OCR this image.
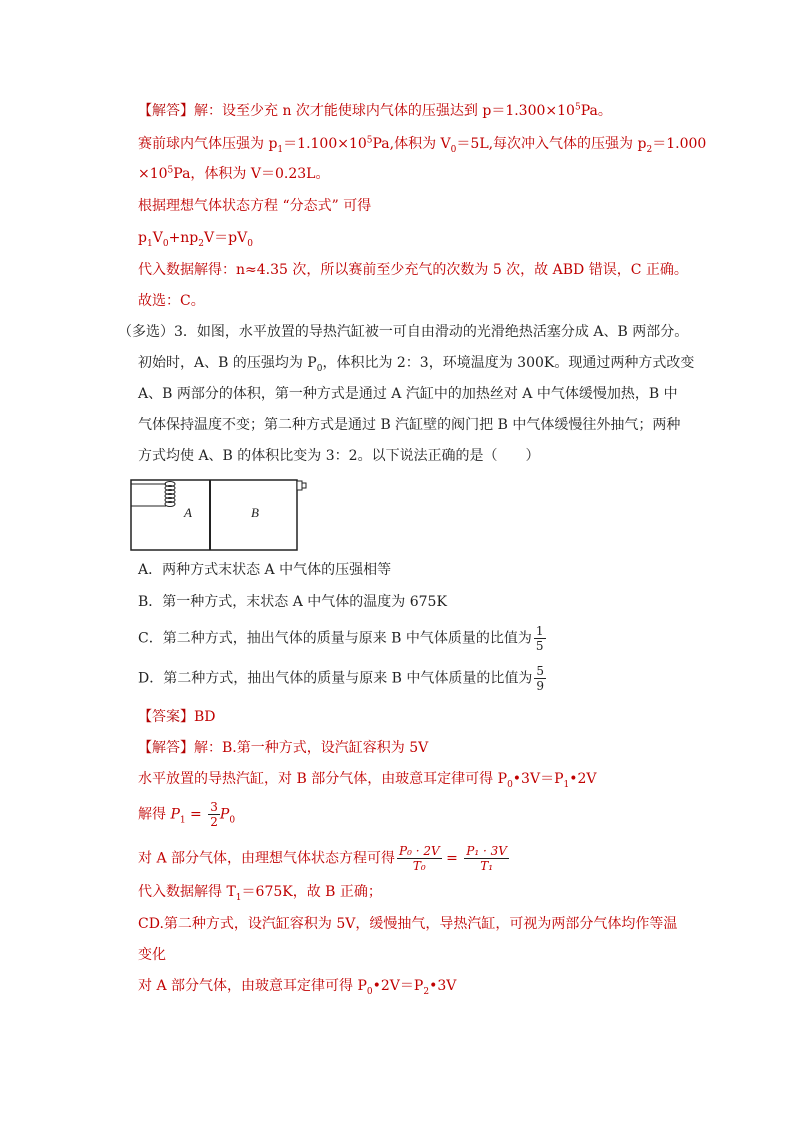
【解答】解：设至少充 n 次才能使球内气体的压强达到 $p=1.300\times 10^5Pa$。
赛前球内气体压强为 $p_1=1.100\times 10^5Pa$,体积为 $V_0=5L$,每次冲入气体的压强为 $p_2=1.000$
$\times 10^5Pa$，体积为 V＝0.23L。
根据理想气体状态方程 “分态式” 可得
$p_1V_0+np_2V=pV_0$
代入数据解得：n≈4.35 次，所以赛前至少充气的次数为 5 次，故 ABD 错误，C 正确。
故选：C。
（多选）3．如图，水平放置的导热汽缸被一可自由滑动的光滑绝热活塞分成 A、B 两部分。
初始时，A、B 的压强均为 $P_0$，体积比为 2：3，环境温度为 300K。现通过两种方式改变
A、B 两部分的体积，第一种方式是通过 A 汽缸中的加热丝对 A 中气体缓慢加热，B 中
气体保持温度不变；第二种方式是通过 B 汽缸壁的阀门把 B 中气体缓慢往外抽气；两种
方式均使 A、B 的体积比变为 3：2。以下说法正确的是（　　）
A	B
A．两种方式末状态 A 中气体的压强相等
B．第一种方式，末状态 A 中气体的温度为 675K
C．第二种方式，抽出气体的质量与原来 B 中气体质量的比值为 $\frac{1}{5}$
D．第二种方式，抽出气体的质量与原来 B 中气体质量的比值为 $\frac{5}{9}$
【答案】BD
【解答】解：B.第一种方式，设汽缸容积为 5V
水平放置的导热汽缸，对 B 部分气体，由玻意耳定律可得 $P_0•3V=P_1•2V$
解得 $P_1 = \frac{3}{2} P_0$
对 A 部分气体，由理想气体状态方程可得 $\frac{\text{P₀ · 2V}}{\text{T₀}} = \frac{\text{P₁ · 3V}}{\text{T₁}}$
代入数据解得 $T_1=675K$，故 B 正确；
CD.第二种方式，设汽缸容积为 5V，缓慢抽气，导热汽缸，可视为两部分气体均作等温
变化
对 A 部分气体，由玻意耳定律可得 $P_0•2V=P_2•3V$
